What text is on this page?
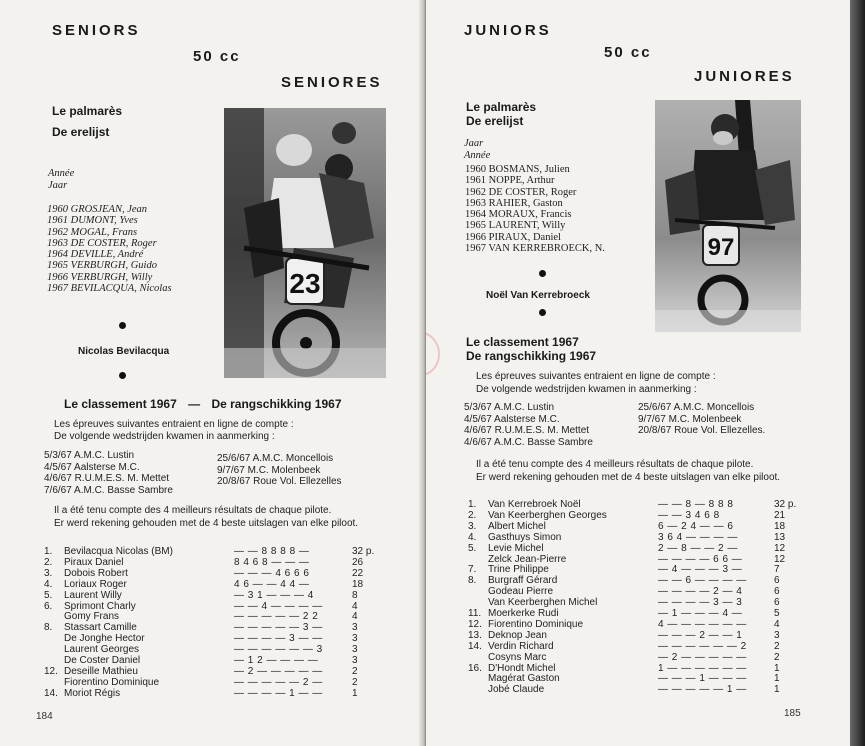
SENIORS
50 cc
SENIORES
Le palmarès
De erelijst
Année
Jaar
1960 GROSJEAN, Jean
1961 DUMONT, Yves
1962 MOGAL, Frans
1963 DE COSTER, Roger
1964 DEVILLE, André
1965 VERBURGH, Guido
1966 VERBURGH, Willy
1967 BEVILACQUA, Nicolas	23
Nicolas Bevilacqua
Le classement 1967 — De rangschikking 1967
Les épreuves suivantes entraient en ligne de compte :
De volgende wedstrijden kwamen in aanmerking :
5/3/67 A.M.C. Lustin
4/5/67 Aalsterse M.C.
4/6/67 R.U.M.E.S. M. Mettet
7/6/67 A.M.C. Basse Sambre
25/6/67 A.M.C. Moncellois
9/7/67 M.C. Molenbeek
20/8/67 Roue Vol. Ellezelles
Il a été tenu compte des 4 meilleurs résultats de chaque pilote.
Er werd rekening gehouden met de 4 beste uitslagen van elke piloot.
1. Bevilacqua Nicolas (BM)	— — 8 8 8 8 —	32 p.
2. Piraux Daniel	8 4 6 8 — — —	26
3. Dobois Robert	— — — 4 6 6 6	22
4. Loriaux Roger	4 6 — — 4 4 —	18
5. Laurent Willy	— 3 1 — — — 4	8
6. Sprimont Charly	— — 4 — — — —	4
Gomy Frans	— — — — — 2 2	4
8. Stassart Camille	— — — — — 3 —	3
De Jonghe Hector	— — — — 3 — —	3
Laurent Georges	— — — — — — 3	3
De Coster Daniel	— 1 2 — — — —	3
12. Deseille Mathieu	— 2 — — — — —	2
Fiorentino Dominique	— — — — — 2 —	2
14. Moriot Régis	— — — — 1 — —	1
184
JUNIORS
50 cc
JUNIORES
Le palmarès
De erelijst
Jaar
Année
1960 BOSMANS, Julien
1961 NOPPE, Arthur
1962 DE COSTER, Roger
1963 RAHIER, Gaston
1964 MORAUX, Francis
1965 LAURENT, Willy
1966 PIRAUX, Daniel
1967 VAN KERREBROECK, N.	97
Noël Van Kerrebroeck
Le classement 1967
De rangschikking 1967
Les épreuves suivantes entraient en ligne de compte :
De volgende wedstrijden kwamen in aanmerking :
5/3/67 A.M.C. Lustin
4/5/67 Aalsterse M.C.
4/6/67 R.U.M.E.S. M. Mettet
4/6/67 A.M.C. Basse Sambre
25/6/67 A.M.C. Moncellois
9/7/67 M.C. Molenbeek
20/8/67 Roue Vol. Ellezelles.
Il a été tenu compte des 4 meilleurs résultats de chaque pilote.
Er werd rekening gehouden met de 4 beste uitslagen van elke piloot.
1. Van Kerrebroek Noël	— — 8 — 8 8 8	32 p.
2. Van Keerberghen Georges	— — 3 4 6 8	21
3. Albert Michel	6 — 2 4 — — 6	18
4. Gasthuys Simon	3 6 4 — — — —	13
5. Levie Michel	2 — 8 — — 2 —	12
Zelck Jean-Pierre	— — — — 6 6 —	12
7. Trine Philippe	— 4 — — — 3 —	7
8. Burgraff Gérard	— — 6 — — — —	6
Godeau Pierre	— — — — 2 — 4	6
Van Keerberghen Michel	— — — — 3 — 3	6
11. Moerkerke Rudi	— 1 — — — 4 —	5
12. Fiorentino Dominique	4 — — — — — —	4
13. Deknop Jean	— — — 2 — — 1	3
14. Verdin Richard	— — — — — — 2	2
Cosyns Marc	— 2 — — — — —	2
16. D'Hondt Michel	1 — — — — — —	1
Magérat Gaston	— — — 1 — — —	1
Jobé Claude	— — — — — 1 —	1
185
